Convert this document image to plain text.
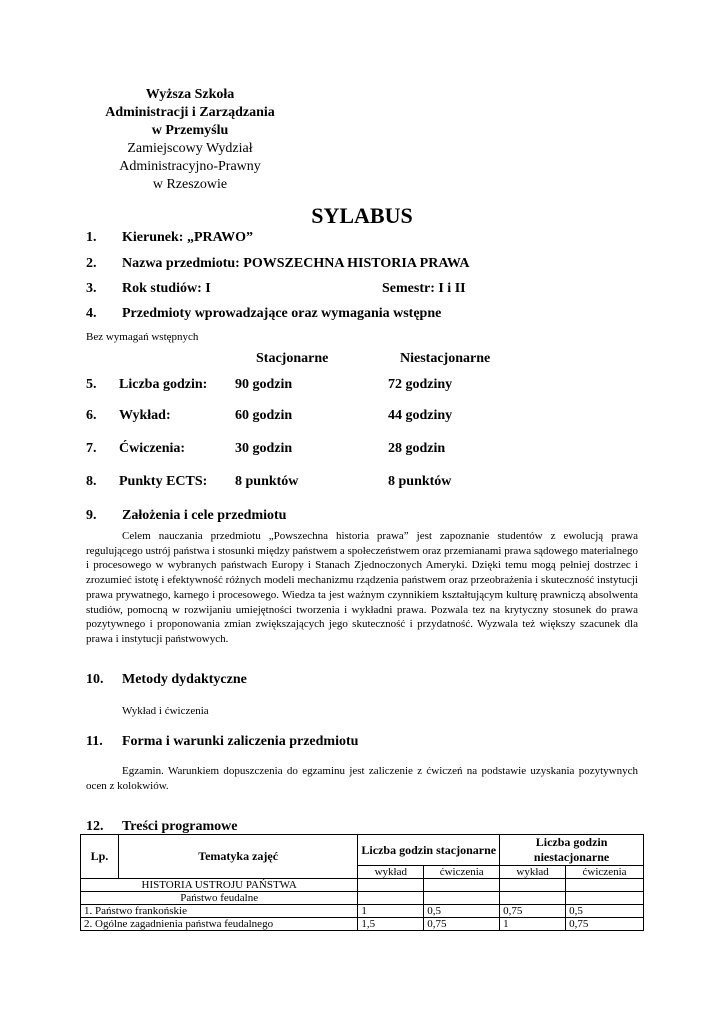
Wyższa Szkoła
Administracji i Zarządzania
w Przemyślu
Zamiejscowy Wydział
Administracyjno-Prawny
w Rzeszowie
SYLABUS
1. Kierunek: „PRAWO”
2. Nazwa przedmiotu: POWSZECHNA HISTORIA PRAWA
3. Rok studiów: I	Semestr: I i II
4. Przedmioty wprowadzające oraz wymagania wstępne
Bez wymagań wstępnych
Stacjonarne	Niestacjonarne
5. Liczba godzin: 90 godzin	72 godziny
6. Wykład:	60 godzin	44 godziny
7. Ćwiczenia:	30 godzin	28 godzin
8. Punkty ECTS: 8 punktów	8 punktów
9. Założenia i cele przedmiotu
Celem nauczania przedmiotu „Powszechna historia prawa” jest zapoznanie studentów z ewolucją prawa regulującego ustrój państwa i stosunki między państwem a społeczeństwem oraz przemianami prawa sądowego materialnego i procesowego w wybranych państwach Europy i Stanach Zjednoczonych Ameryki. Dzięki temu mogą pełniej dostrzec i zrozumieć istotę i efektywność różnych modeli mechanizmu rządzenia państwem oraz przeobrażenia i skuteczność instytucji prawa prywatnego, karnego i procesowego. Wiedza ta jest ważnym czynnikiem kształtującym kulturę prawniczą absolwenta studiów, pomocną w rozwijaniu umiejętności tworzenia i wykładni prawa. Pozwala tez na krytyczny stosunek do prawa pozytywnego i proponowania zmian zwiększających jego skuteczność i przydatność. Wyzwala też większy szacunek dla prawa i instytucji państwowych.
10. Metody dydaktyczne
Wykład i ćwiczenia
11. Forma i warunki zaliczenia przedmiotu
Egzamin. Warunkiem dopuszczenia do egzaminu jest zaliczenie z ćwiczeń na podstawie uzyskania pozytywnych ocen z kolokwiów.
12. Treści programowe
Lp.	Tematyka zajęć	Liczba godzin stacjonarne		Liczba godzin niestacjonarne	
		wykład	ćwiczenia	wykład	ćwiczenia
HISTORIA USTROJU PAŃSTWA					
Państwo feudalne					
1. Państwo frankońskie		1	0,5	0,75	0,5
2. Ogólne zagadnienia państwa feudalnego		1,5	0,75	1	0,75
